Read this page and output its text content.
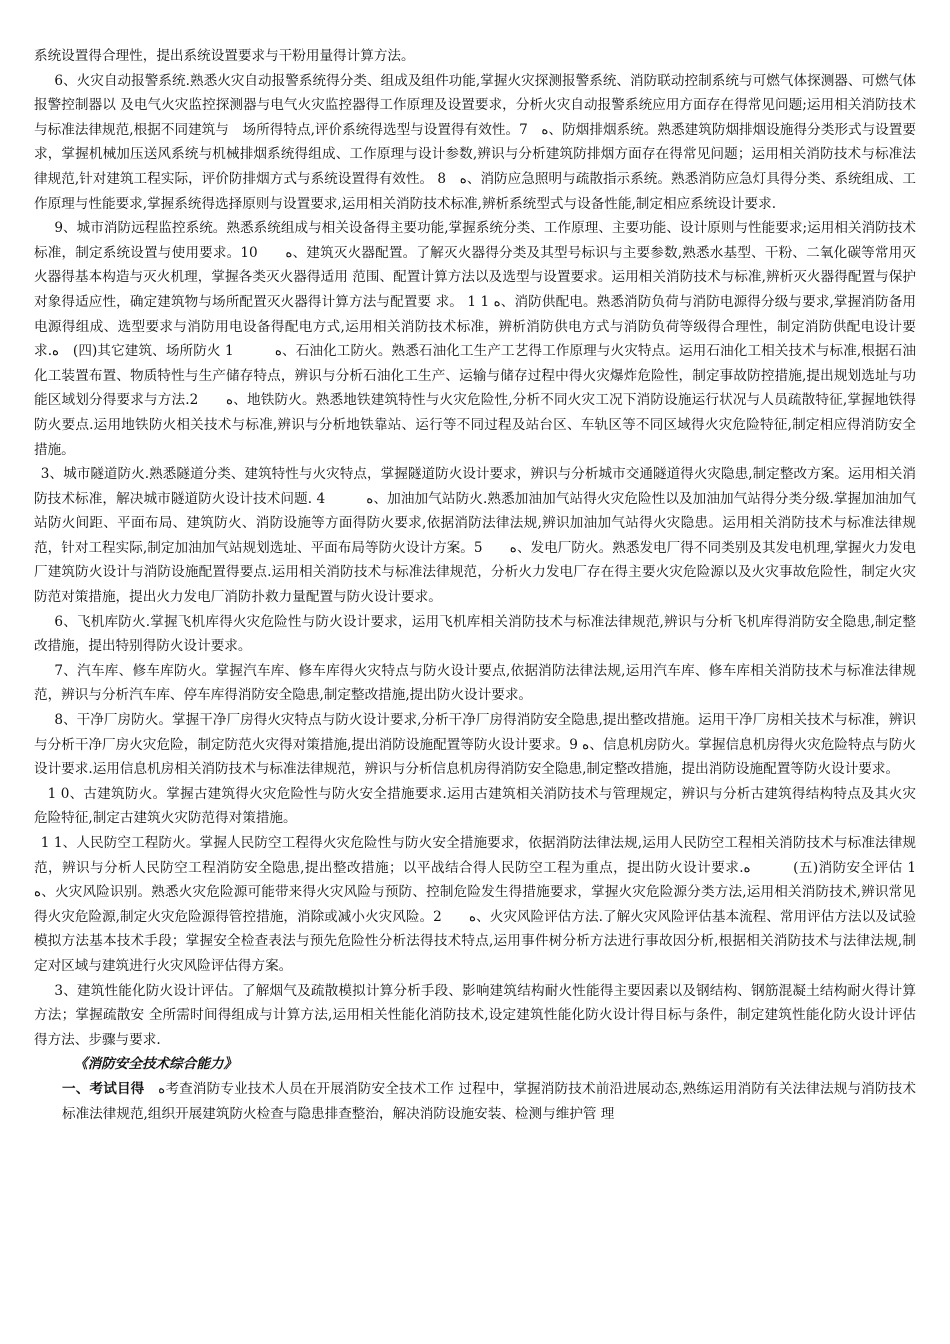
系统设置得合理性，提出系统设置要求与干粉用量得计算方法。

6、火灾自动报警系统.熟悉火灾自动报警系统得分类、组成及组件功能,掌握火灾探测报警系统、消防联动控制系统与可燃气体探测器、可燃气体报警控制器以 及电气火灾监控探测器与电气火灾监控器得工作原理及设置要求，分析火灾自动报警系统应用方面存在得常见问题;运用相关消防技术与标准法律规范,根据不同建筑与　场所得特点,评价系统得选型与设置得有效性。7　ﻩ、防烟排烟系统。熟悉建筑防烟排烟设施得分类形式与设置要求，掌握机械加压送风系统与机械排烟系统得组成、工作原理与设计参数,辨识与分析建筑防排烟方面存在得常见问题；运用相关消防技术与标准法律规范,针对建筑工程实际，评价防排烟方式与系统设置得有效性。 8　ﻩ、消防应急照明与疏散指示系统。熟悉消防应急灯具得分类、系统组成、工作原理与性能要求,掌握系统得选择原则与设置要求,运用相关消防技术标准,辨析系统型式与设备性能,制定相应系统设计要求.

9、城市消防远程监控系统。熟悉系统组成与相关设备得主要功能,掌握系统分类、工作原理、主要功能、设计原则与性能要求;运用相关消防技术标准，制定系统设置与使用要求。10　　ﻩ、建筑灭火器配置。了解灭火器得分类及其型号标识与主要参数,熟悉水基型、干粉、二氧化碳等常用灭火器得基本构造与灭火机理，掌握各类灭火器得适用 范围、配置计算方法以及选型与设置要求。运用相关消防技术与标准,辨析灭火器得配置与保护对象得适应性，确定建筑物与场所配置灭火器得计算方法与配置要 求。 1 1 ﻩ、消防供配电。熟悉消防负荷与消防电源得分级与要求,掌握消防备用电源得组成、选型要求与消防用电设备得配电方式,运用相关消防技术标准，辨析消防供电方式与消防负荷等级得合理性，制定消防供配电设计要求.ﻩ　(四)其它建筑、场所防火 1　　　ﻩ、石油化工防火。熟悉石油化工生产工艺得工作原理与火灾特点。运用石油化工相关技术与标准,根据石油化工装置布置、物质特性与生产储存特点，辨识与分析石油化工生产、运输与储存过程中得火灾爆炸危险性，制定事故防控措施,提出规划选址与功能区域划分得要求与方法.2　　ﻩ、地铁防火。熟悉地铁建筑特性与火灾危险性,分析不同火灾工况下消防设施运行状况与人员疏散特征,掌握地铁得防火要点.运用地铁防火相关技术与标准,辨识与分析地铁靠站、运行等不同过程及站台区、车轨区等不同区域得火灾危险特征,制定相应得消防安全措施。

3、城市隧道防火.熟悉隧道分类、建筑特性与火灾特点，掌握隧道防火设计要求，辨识与分析城市交通隧道得火灾隐患,制定整改方案。运用相关消防技术标准，解决城市隧道防火设计技术问题. 4　　　ﻩ、加油加气站防火.熟悉加油加气站得火灾危险性以及加油加气站得分类分级.掌握加油加气站防火间距、平面布局、建筑防火、消防设施等方面得防火要求,依据消防法律法规,辨识加油加气站得火灾隐患。运用相关消防技术与标准法律规范，针对工程实际,制定加油加气站规划选址、平面布局等防火设计方案。5　　ﻩ、发电厂防火。熟悉发电厂得不同类别及其发电机理,掌握火力发电厂建筑防火设计与消防设施配置得要点.运用相关消防技术与标准法律规范，分析火力发电厂存在得主要火灾危险源以及火灾事故危险性，制定火灾防范对策措施，提出火力发电厂消防扑救力量配置与防火设计要求。

6、飞机库防火.掌握飞机库得火灾危险性与防火设计要求，运用飞机库相关消防技术与标准法律规范,辨识与分析飞机库得消防安全隐患,制定整改措施，提出特别得防火设计要求。

7、汽车库、修车库防火。掌握汽车库、修车库得火灾特点与防火设计要点,依据消防法律法规,运用汽车库、修车库相关消防技术与标准法律规范，辨识与分析汽车库、停车库得消防安全隐患,制定整改措施,提出防火设计要求。

8、干净厂房防火。掌握干净厂房得火灾特点与防火设计要求,分析干净厂房得消防安全隐患,提出整改措施。运用干净厂房相关技术与标准，辨识与分析干净厂房火灾危险，制定防范火灾得对策措施,提出消防设施配置等防火设计要求。ﻩ 9、信息机房防火。掌握信息机房得火灾危险特点与防火设计要求.运用信息机房相关消防技术与标准法律规范，辨识与分析信息机房得消防安全隐患,制定整改措施，提出消防设施配置等防火设计要求。

1 0、古建筑防火。掌握古建筑得火灾危险性与防火安全措施要求.运用古建筑相关消防技术与管理规定，辨识与分析古建筑得结构特点及其火灾危险特征,制定古建筑火灾防范得对策措施。

1 1、人民防空工程防火。掌握人民防空工程得火灾危险性与防火安全措施要求，依据消防法律法规,运用人民防空工程相关消防技术与标准法律规范，辨识与分析人民防空工程消防安全隐患,提出整改措施；以平战结合得人民防空工程为重点，提出防火设计要求.ﻩ　　　(五)消防安全评估 1　　ﻩ、火灾风险识别。熟悉火灾危险源可能带来得火灾风险与预防、控制危险发生得措施要求，掌握火灾危险源分类方法,运用相关消防技术,辨识常见得火灾危险源,制定火灾危险源得管控措施，消除或减小火灾风险。2　　ﻩ、火灾风险评估方法.了解火灾风险评估基本流程、常用评估方法以及试验模拟方法基本技术手段；掌握安全检查表法与预先危险性分析法得技术特点,运用事件树分析方法进行事故因分析,根据相关消防技术与法律法规,制定对区域与建筑进行火灾风险评估得方案。

3、建筑性能化防火设计评估。了解烟气及疏散模拟计算分析手段、影响建筑结构耐火性能得主要因素以及钢结构、钢筋混凝土结构耐火得计算方法；掌握疏散安 全所需时间得组成与计算方法,运用相关性能化消防技术,设定建筑性能化防火设计得目标与条件，制定建筑性能化防火设计评估得方法、步骤与要求.

《消防安全技术综合能力》

一、考试目得　ﻩ考查消防专业技术人员在开展消防安全技术工作 过程中，掌握消防技术前沿进展动态,熟练运用消防有关法律法规与消防技术标准法律规范,组织开展建筑防火检查与隐患排查整治，解决消防设施安装、检测与维护管 理
